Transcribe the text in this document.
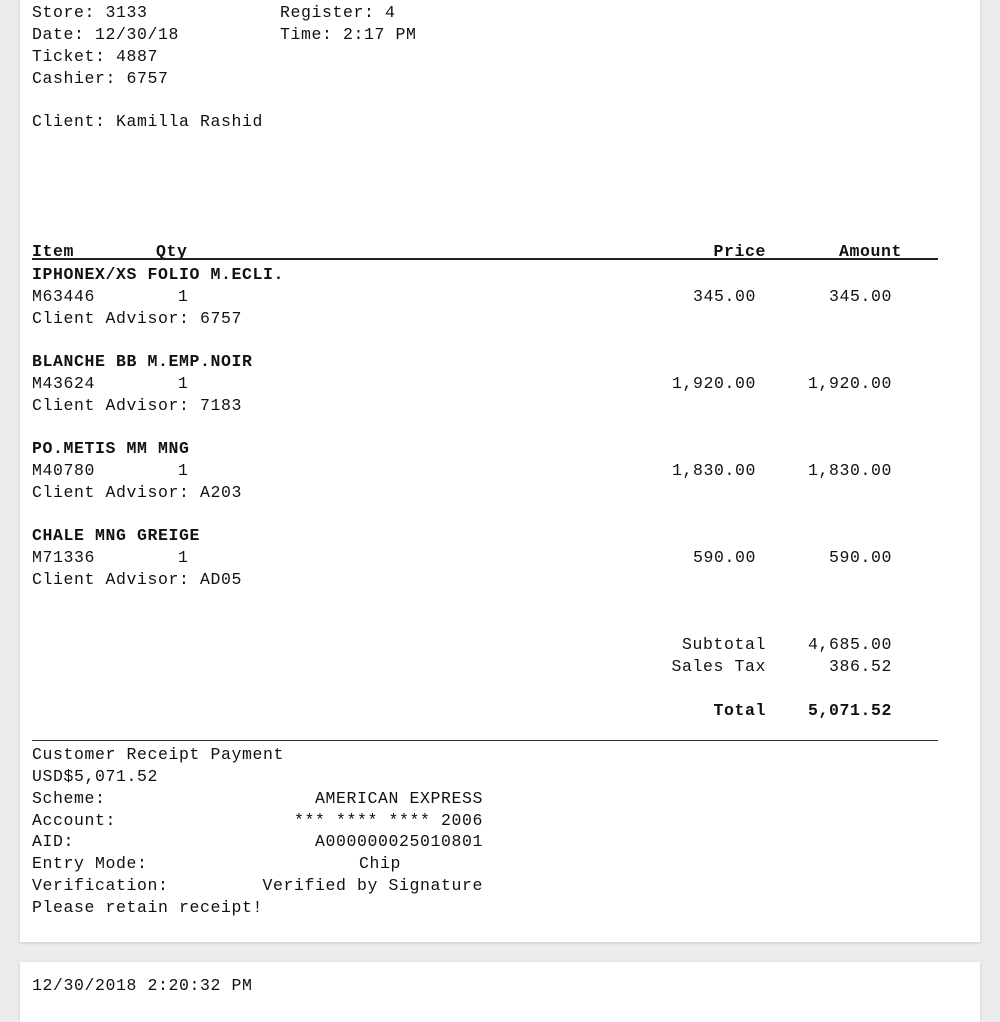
Store: 3133	Register: 4
Date: 12/30/18	Time: 2:17 PM
Ticket: 4887
Cashier: 6757
Client: Kamilla Rashid
Item	Qty	Price	Amount
IPHONEX/XS FOLIO M.ECLI.
M63446	1	345.00	345.00
Client Advisor: 6757
BLANCHE BB M.EMP.NOIR
M43624	1	1,920.00	1,920.00
Client Advisor: 7183
PO.METIS MM MNG
M40780	1	1,830.00	1,830.00
Client Advisor: A203
CHALE MNG GREIGE
M71336	1	590.00	590.00
Client Advisor: AD05
Subtotal	4,685.00
Sales Tax	386.52
Total	5,071.52
Customer Receipt Payment
USD$5,071.52
Scheme:	AMERICAN EXPRESS
Account:	*** **** **** 2006
AID:	A000000025010801
Entry Mode:	Chip
Verification:	Verified by Signature
Please retain receipt!
12/30/2018 2:20:32 PM
